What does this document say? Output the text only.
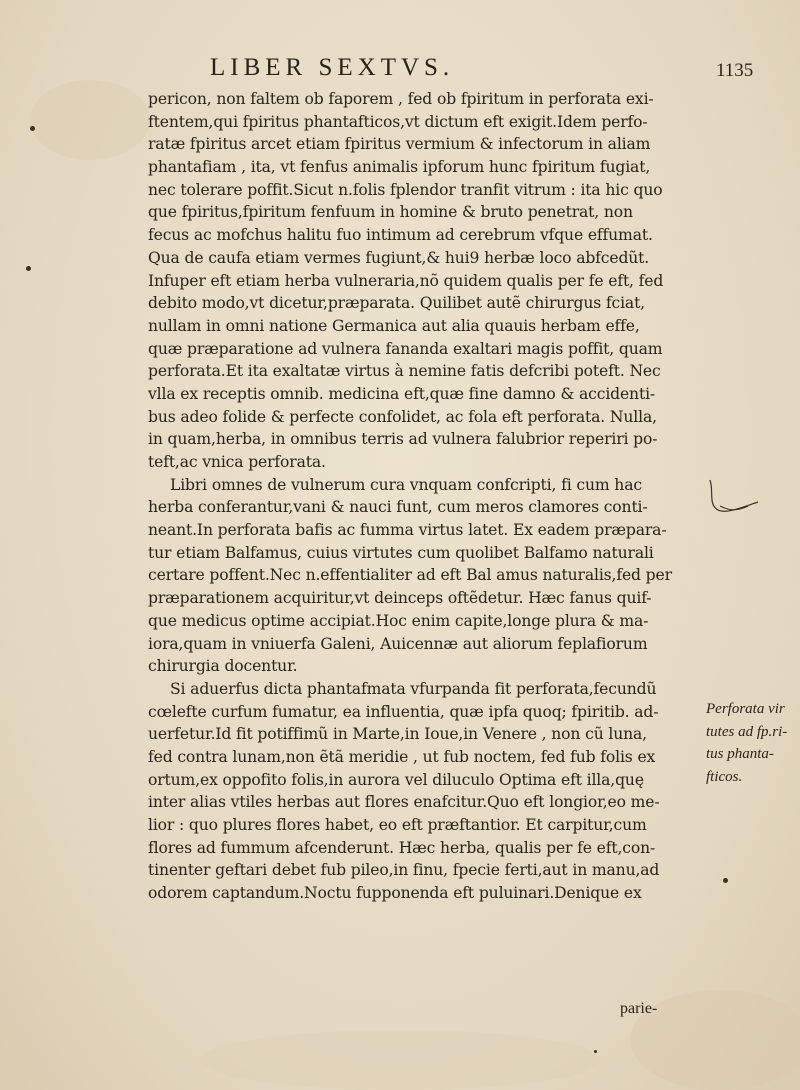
LIBER SEXTVS.	1135
pericon, non faltem ob faporem , fed ob fpiritum in perforata exi-
ftentem,qui fpiritus phantafticos,vt dictum eft exigit.Idem perfo-
ratæ fpiritus arcet etiam fpiritus vermium & infectorum in aliam
phantafiam , ita, vt fenfus animalis ipforum hunc fpiritum fugiat,
nec tolerare poffit.Sicut n.folis fplendor tranfit vitrum : ita hic quo
que fpiritus,fpiritum fenfuum in homine & bruto penetrat, non
fecus ac mofchus halitu fuo intimum ad cerebrum vfque effumat.
Qua de caufa etiam vermes fugiunt,& hui9 herbæ loco abfcedũt.
Infuper eft etiam herba vulneraria,nõ quidem qualis per fe eft, fed
debito modo,vt dicetur,præparata. Quilibet autẽ chirurgus fciat,
nullam in omni natione Germanica aut alia quauis herbam effe,
quæ præparatione ad vulnera fananda exaltari magis poffit, quam
perforata.Et ita exaltatæ virtus à nemine fatis defcribi poteft. Nec
vlla ex receptis omnib. medicina eft,quæ fine damno & accidenti-
bus adeo folide & perfecte confolidet, ac fola eft perforata. Nulla,
in quam,herba, in omnibus terris ad vulnera falubrior reperiri po-
teft,ac vnica perforata.
Libri omnes de vulnerum cura vnquam confcripti, fi cum hac
herba conferantur,vani & nauci funt, cum meros clamores conti-
neant.In perforata bafis ac fumma virtus latet. Ex eadem præpara-
tur etiam Balfamus, cuius virtutes cum quolibet Balfamo naturali
certare poffent.Nec n.effentialiter ad eft Bal amus naturalis,fed per
præparationem acquiritur,vt deinceps oftẽdetur. Hæc fanus quif-
que medicus optime accipiat.Hoc enim capite,longe plura & ma-
iora,quam in vniuerfa Galeni, Auicennæ aut aliorum feplafiorum
chirurgia docentur.
Si aduerfus dicta phantafmata vfurpanda fit perforata,fecundũ
cœlefte curfum fumatur, ea influentia, quæ ipfa quoq; fpiritib. ad-
uerfetur.Id fit potiffimũ in Marte,in Ioue,in Venere , non cũ luna,
fed contra lunam,non ẽtã meridie , ut fub noctem, fed fub folis ex
ortum,ex oppofito folis,in aurora vel diluculo Optima eft illa,quę
inter alias vtiles herbas aut flores enafcitur.Quo eft longior,eo me-
lior : quo plures flores habet, eo eft præftantior. Et carpitur,cum
flores ad fummum afcenderunt. Hæc herba, qualis per fe eft,con-
tinenter geftari debet fub pileo,in finu, fpecie ferti,aut in manu,ad
odorem captandum.Noctu fupponenda eft puluinari.Denique ex
Perforata vir
tutes ad fp.ri-
tus phanta-
fticos.
parie-
